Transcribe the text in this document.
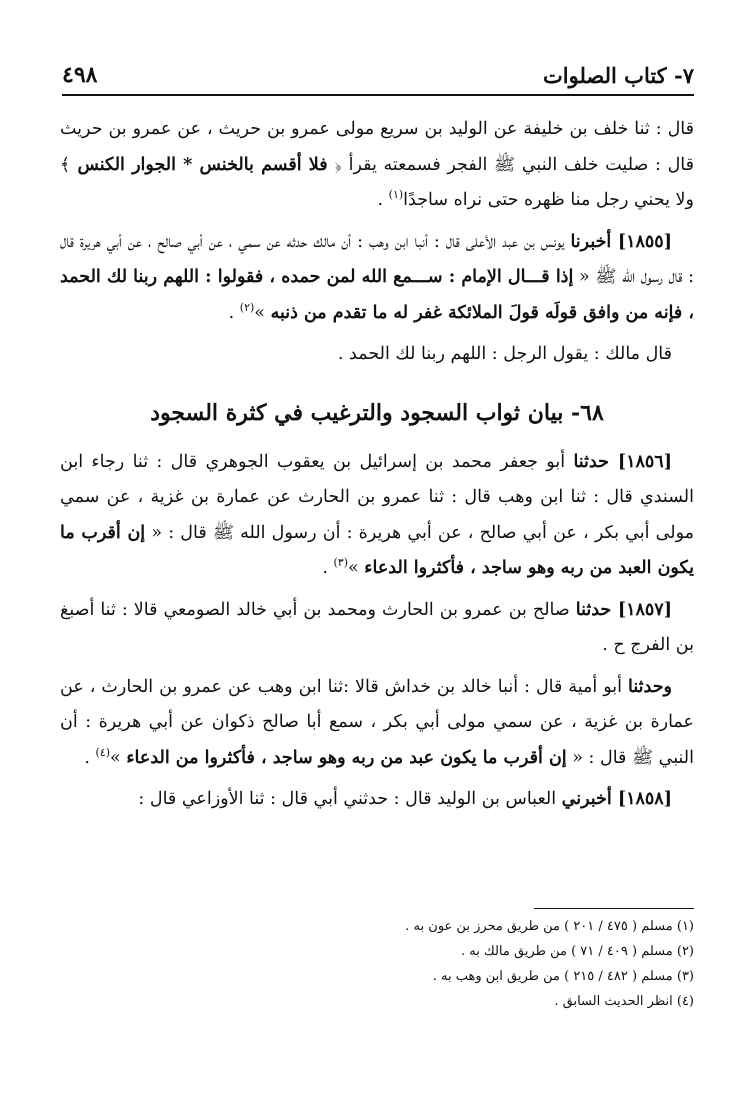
٧- كتاب الصلوات
٤٩٨

قال : ثنا خلف بن خليفة عن الوليد بن سريع مولى عمرو بن حريث ، عن عمرو بن حريث قال : صليت خلف النبي ﷺ الفجر فسمعته يقرأ ﴿ فلا أقسم بالخنس * الجوار الكنس ﴾ ولا يحني رجل منا ظهره حتى نراه ساجدًا$^{(١)}$ .

[١٨٥٥] أخبرنا يونس بن عبد الأعلى قال : أنبا ابن وهب : أن مالك حدثه عن سمي ، عن أبي صالح ، عن أبي هريرة قال : قال رسول الله ﷺ « إذا قـــال الإمام : ســـمع الله لمن حمده ، فقولوا : اللهم ربنا لك الحمد ، فإنه من وافق قولَه قولَ الملائكة غفر له ما تقدم من ذنبه »$^{(٢)}$ .

قال مالك : يقول الرجل : اللهم ربنا لك الحمد .

٦٨- بيان ثواب السجود والترغيب في كثرة السجود

[١٨٥٦] حدثنا أبو جعفر محمد بن إسرائيل بن يعقوب الجوهري قال : ثنا رجاء ابن السندي قال : ثنا ابن وهب قال : ثنا عمرو بن الحارث عن عمارة بن غزية ، عن سمي مولى أبي بكر ، عن أبي صالح ، عن أبي هريرة : أن رسول الله ﷺ قال : « إن أقرب ما يكون العبد من ربه وهو ساجد ، فأكثروا الدعاء »$^{(٣)}$ .

[١٨٥٧] حدثنا صالح بن عمرو بن الحارث ومحمد بن أبي خالد الصومعي قالا : ثنا أصبغ بن الفرج ح .

وحدثنا أبو أمية قال : أنبا خالد بن خداش قالا :ثنا ابن وهب عن عمرو بن الحارث ، عن عمارة بن غزية ، عن سمي مولى أبي بكر ، سمع أبا صالح ذكوان عن أبي هريرة : أن النبي ﷺ قال : « إن أقرب ما يكون عبد من ربه وهو ساجد ، فأكثروا من الدعاء »$^{(٤)}$ .

[١٨٥٨] أخبرني العباس بن الوليد قال : حدثني أبي قال : ثنا الأوزاعي قال :

(١) مسلم ( ٤٧٥ / ٢٠١ ) من طريق محرز بن عون به .
(٢) مسلم ( ٤٠٩ / ٧١ ) من طريق مالك به .
(٣) مسلم ( ٤٨٢ / ٢١٥ ) من طريق ابن وهب به .
(٤) انظر الحديث السابق .
